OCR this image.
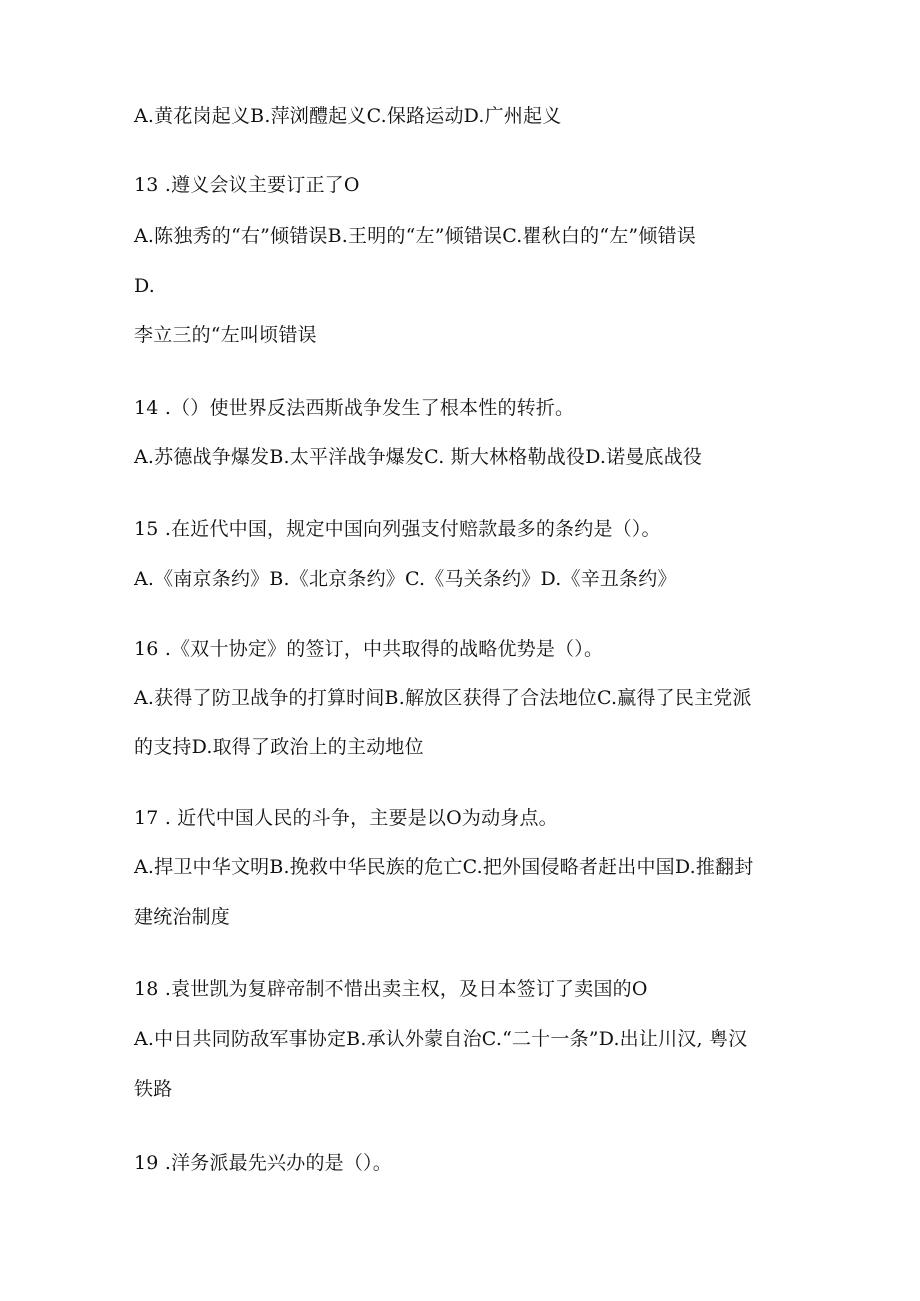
A.黄花岗起义B.萍浏醴起义C.保路运动D.广州起义
13 .遵义会议主要订正了O
A.陈独秀的“右”倾错误B.王明的“左”倾错误C.瞿秋白的“左”倾错误
D.
李立三的“左叫顷错误
14 .（）使世界反法西斯战争发生了根本性的转折。
A.苏德战争爆发B.太平洋战争爆发C. 斯大林格勒战役D.诺曼底战役
15 .在近代中国，规定中国向列强支付赔款最多的条约是（）。
A.《南京条约》B.《北京条约》C.《马关条约》D.《辛丑条约》
16 .《双十协定》的签订，中共取得的战略优势是（）。
A.获得了防卫战争的打算时间B.解放区获得了合法地位C.赢得了民主党派
的支持D.取得了政治上的主动地位
17 . 近代中国人民的斗争，主要是以O为动身点。
A.捍卫中华文明B.挽救中华民族的危亡C.把外国侵略者赶出中国D.推翻封
建统治制度
18 .袁世凯为复辟帝制不惜出卖主权，及日本签订了卖国的O
A.中日共同防敌军事协定B.承认外蒙自治C.“二十一条”D.出让川汉, 粤汉
铁路
19 .洋务派最先兴办的是（）。
